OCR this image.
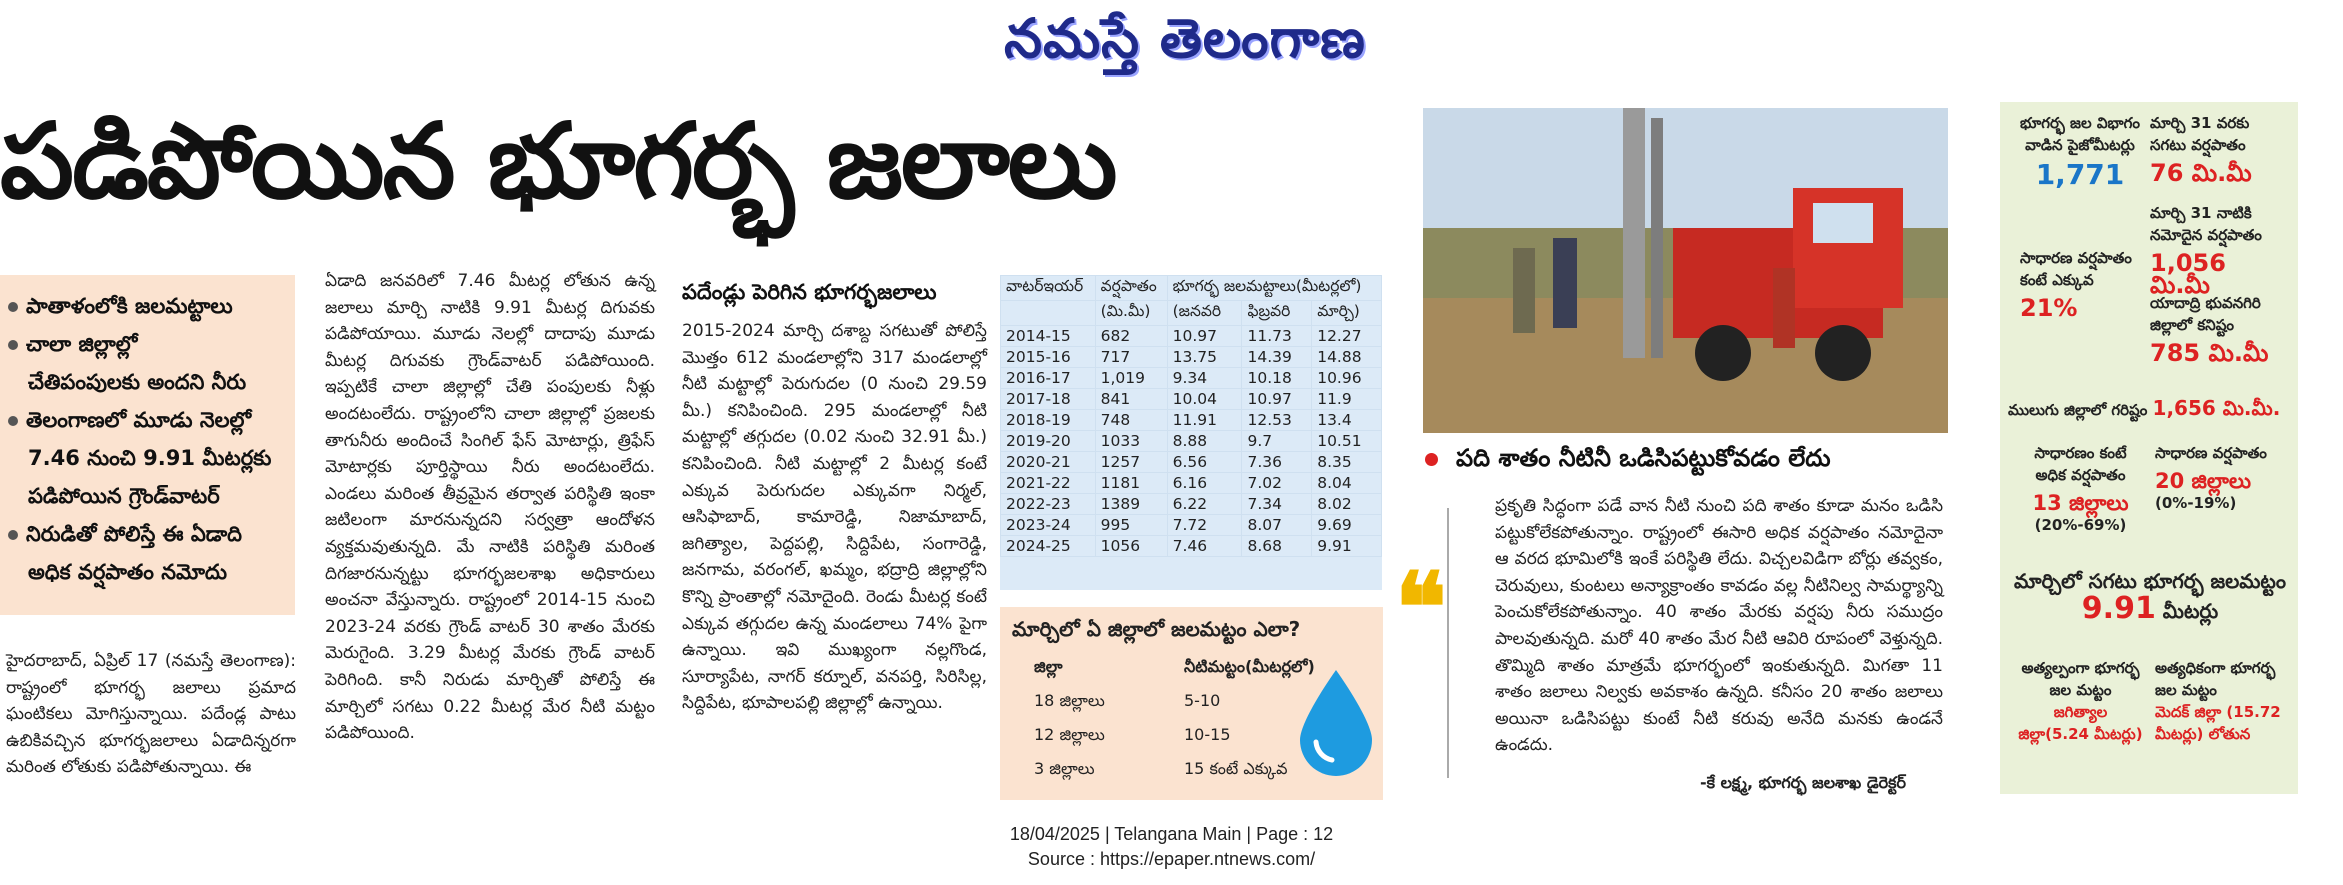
నమస్తే తెలంగాణ
పడిపోయిన భూగర్భ జలాలు
పాతాళంలోకి జలమట్టాలు
చాలా జిల్లాల్లో
చేతిపంపులకు అందని నీరు
తెలంగాణలో మూడు నెలల్లో
7.46 నుంచి 9.91 మీటర్లకు
పడిపోయిన గ్రౌండ్‌వాటర్
నిరుడితో పోలిస్తే ఈ ఏడాది
అధిక వర్షపాతం నమోదు
హైదరాబాద్, ఏప్రిల్ 17 (నమస్తే తెలంగాణ): రాష్ట్రంలో భూగర్భ జలాలు ప్రమాద ఘంటికలు మోగిస్తున్నాయి. పదేండ్ల పాటు ఉబికివచ్చిన భూగర్భజలాలు ఏడాదిన్నరగా మరింత లోతుకు పడిపోతున్నాయి. ఈ
ఏడాది జనవరిలో 7.46 మీటర్ల లోతున ఉన్న జలాలు మార్చి నాటికి 9.91 మీటర్ల దిగువకు పడిపోయాయి. మూడు నెలల్లో దాదాపు మూడు మీటర్ల దిగువకు గ్రౌండ్‌వాటర్ పడిపోయింది. ఇప్పటికే చాలా జిల్లాల్లో చేతి పంపులకు నీళ్లు అందటంలేదు. రాష్ట్రంలోని చాలా జిల్లాల్లో ప్రజలకు తాగునీరు అందించే సింగిల్ ఫేస్ మోటార్లు, త్రిఫేస్ మోటార్లకు పూర్తిస్థాయి నీరు అందటంలేదు. ఎండలు మరింత తీవ్రమైన తర్వాత పరిస్థితి ఇంకా జటిలంగా మారనున్నదని సర్వత్రా ఆందోళన వ్యక్తమవుతున్నది. మే నాటికి పరిస్థితి మరింత దిగజారనున్నట్టు భూగర్భజలశాఖ అధికారులు అంచనా వేస్తున్నారు. రాష్ట్రంలో 2014-15 నుంచి 2023-24 వరకు గ్రౌండ్ వాటర్ 30 శాతం మేరకు మెరుగైంది. 3.29 మీటర్ల మేరకు గ్రౌండ్ వాటర్ పెరిగింది. కానీ నిరుడు మార్చితో పోలిస్తే ఈ మార్చిలో సగటు 0.22 మీటర్ల మేర నీటి మట్టం పడిపోయింది.
పదేండ్లు పెరిగిన భూగర్భజలాలు
2015-2024 మార్చి దశాబ్ద సగటుతో పోలిస్తే మొత్తం 612 మండలాల్లోని 317 మండలాల్లో నీటి మట్టాల్లో పెరుగుదల (0 నుంచి 29.59 మీ.) కనిపించింది. 295 మండలాల్లో నీటి మట్టాల్లో తగ్గుదల (0.02 నుంచి 32.91 మీ.) కనిపించింది. నీటి మట్టాల్లో 2 మీటర్ల కంటే ఎక్కువ పెరుగుదల ఎక్కువగా నిర్మల్, ఆసిఫాబాద్, కామారెడ్డి, నిజామాబాద్, జగిత్యాల, పెద్దపల్లి, సిద్దిపేట, సంగారెడ్డి, జనగామ, వరంగల్, ఖమ్మం, భద్రాద్రి జిల్లాల్లోని కొన్ని ప్రాంతాల్లో నమోదైంది. రెండు మీటర్ల కంటే ఎక్కువ తగ్గుదల ఉన్న మండలాలు 74% పైగా ఉన్నాయి. ఇవి ముఖ్యంగా నల్లగొండ, సూర్యాపేట, నాగర్ కర్నూల్, వనపర్తి, సిరిసిల్ల, సిద్దిపేట, భూపాలపల్లి జిల్లాల్లో ఉన్నాయి.
వాటర్‌ఇయర్	వర్షపాతం	భూగర్భ జలమట్టాలు(మీటర్లలో)		
	(మి.మీ)	(జనవరి	ఫిబ్రవరి	మార్చి)
2014-15	682	10.97	11.73	12.27
2015-16	717	13.75	14.39	14.88
2016-17	1,019	9.34	10.18	10.96
2017-18	841	10.04	10.97	11.9
2018-19	748	11.91	12.53	13.4
2019-20	1033	8.88	9.7	10.51
2020-21	1257	6.56	7.36	8.35
2021-22	1181	6.16	7.02	8.04
2022-23	1389	6.22	7.34	8.02
2023-24	995	7.72	8.07	9.69
2024-25	1056	7.46	8.68	9.91
మార్చిలో ఏ జిల్లాలో జలమట్టం ఎలా?
జిల్లా	నీటిమట్టం(మీటర్లలో)
18 జిల్లాలు	5-10
12 జిల్లాలు	10-15
3 జిల్లాలు	15 కంటే ఎక్కువ
పది శాతం నీటినీ ఒడిసిపట్టుకోవడం లేదు
❝
ప్రకృతి సిద్ధంగా పడే వాన నీటి నుంచి పది శాతం కూడా మనం ఒడిసి పట్టుకోలేకపోతున్నాం. రాష్ట్రంలో ఈసారి అధిక వర్షపాతం నమోదైనా ఆ వరద భూమిలోకి ఇంకే పరిస్థితి లేదు. విచ్చలవిడిగా బోర్లు తవ్వకం, చెరువులు, కుంటలు అన్యాక్రాంతం కావడం వల్ల నీటినిల్వ సామర్థ్యాన్ని పెంచుకోలేకపోతున్నాం. 40 శాతం మేరకు వర్షపు నీరు సముద్రం పాలవుతున్నది. మరో 40 శాతం మేర నీటి ఆవిరి రూపంలో వెళ్తున్నది. తొమ్మిది శాతం మాత్రమే భూగర్భంలో ఇంకుతున్నది. మిగతా 11 శాతం జలాలు నిల్వకు అవకాశం ఉన్నది. కనీసం 20 శాతం జలాలు అయినా ఒడిసిపట్టు కుంటే నీటి కరువు అనేది మనకు ఉండనే ఉండదు.
-కే లక్ష్మ, భూగర్భ జలశాఖ డైరెక్టర్
భూగర్భ జల విభాగం వాడిన పైజోమీటర్లు
1,771
మార్చి 31 వరకు సగటు వర్షపాతం
76 మి.మీ
మార్చి 31 నాటికి నమోదైన వర్షపాతం
1,056 మి.మీ
సాధారణ వర్షపాతం కంటే ఎక్కువ
21%	యాదాద్రి భువనగిరి జిల్లాలో కనిష్టం
785 మి.మీ
ములుగు జిల్లాలో గరిష్టం 1,656 మి.మీ.
సాధారణం కంటే అధిక వర్షపాతం
13 జిల్లాలు
(20%-69%)
సాధారణ వర్షపాతం
20 జిల్లాలు
(0%-19%)
మార్చిలో సగటు భూగర్భ జలమట్టం 9.91 మీటర్లు
అత్యల్పంగా భూగర్భ జల మట్టం
జగిత్యాల జిల్లా(5.24 మీటర్లు)
అత్యధికంగా భూగర్భ జల మట్టం
మెదక్ జిల్లా (15.72 మీటర్లు) లోతున
18/04/2025 | Telangana Main | Page : 12
Source : https://epaper.ntnews.com/
